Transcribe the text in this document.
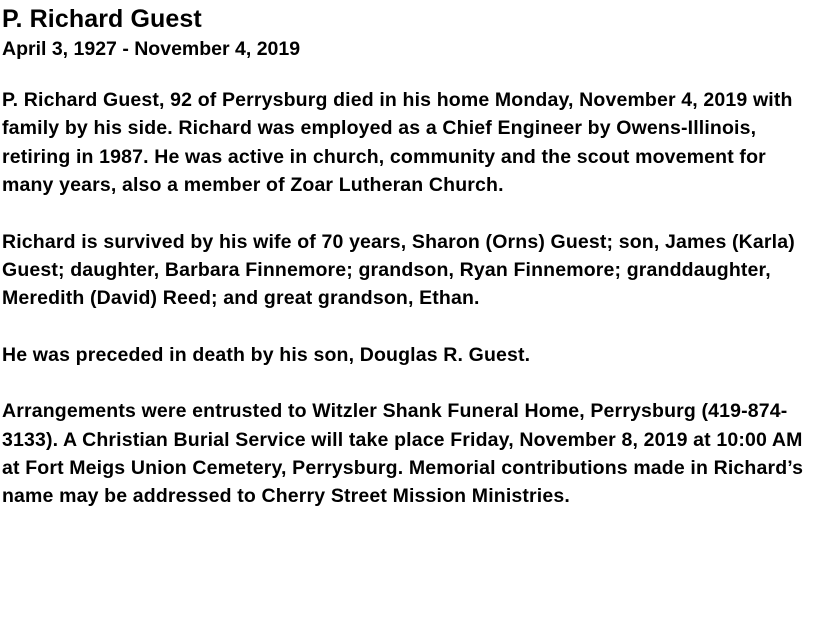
P. Richard Guest
April 3, 1927 - November 4, 2019

P. Richard Guest, 92 of Perrysburg died in his home Monday, November 4, 2019 with family by his side. Richard was employed as a Chief Engineer by Owens-Illinois, retiring in 1987. He was active in church, community and the scout movement for many years, also a member of Zoar Lutheran Church.

Richard is survived by his wife of 70 years, Sharon (Orns) Guest; son, James (Karla) Guest; daughter, Barbara Finnemore; grandson, Ryan Finnemore; granddaughter, Meredith (David) Reed; and great grandson, Ethan.

He was preceded in death by his son, Douglas R. Guest.

Arrangements were entrusted to Witzler Shank Funeral Home, Perrysburg (419-874-3133). A Christian Burial Service will take place Friday, November 8, 2019 at 10:00 AM at Fort Meigs Union Cemetery, Perrysburg. Memorial contributions made in Richard’s name may be addressed to Cherry Street Mission Ministries.
